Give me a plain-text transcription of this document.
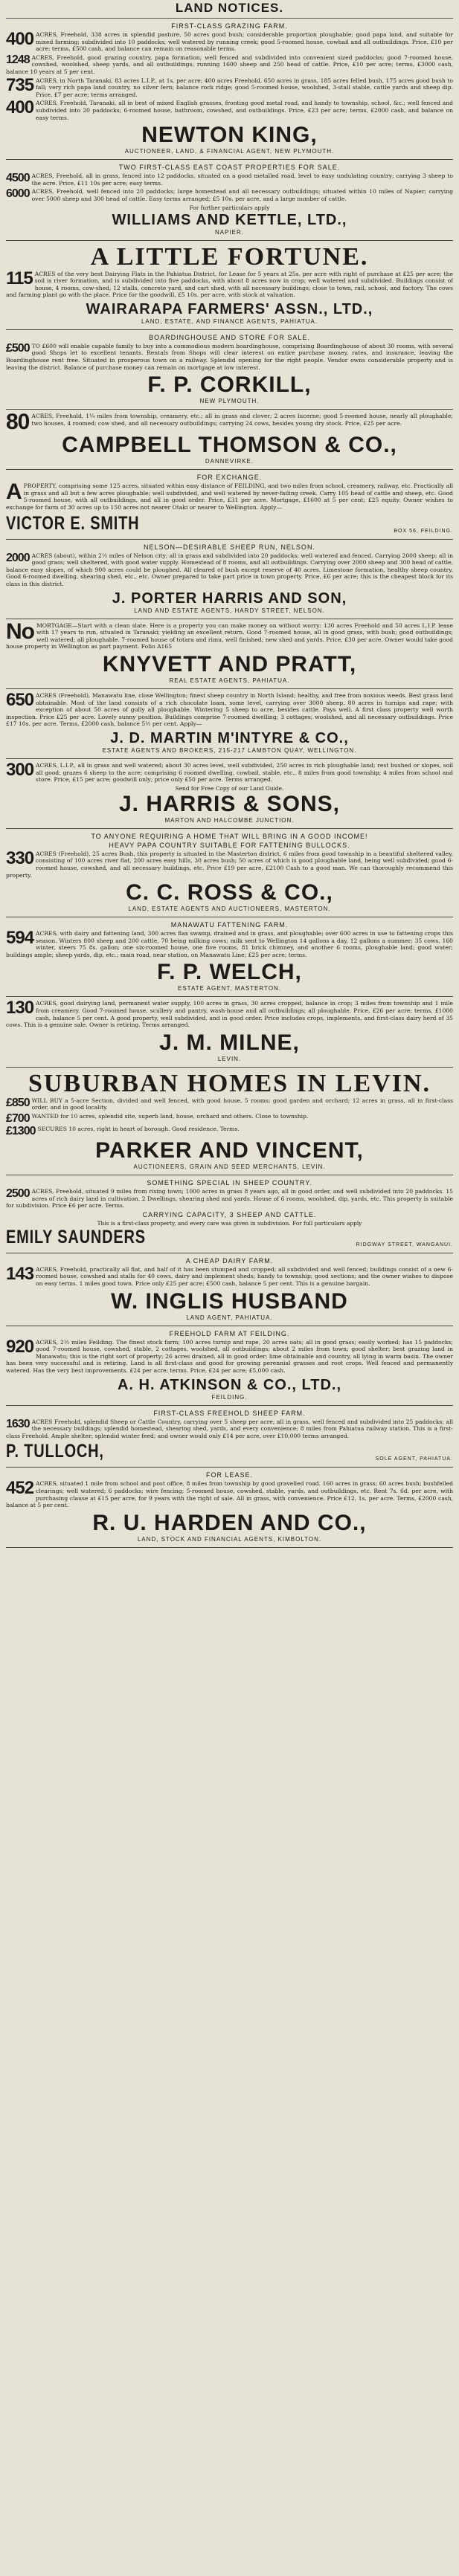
LAND NOTICES.
FIRST-CLASS GRAZING FARM.
400 ACRES, Freehold, 338 acres in splendid pasture, 50 acres good bush; considerable proportion ploughable; good papa land, and suitable for mixed farming; subdivided into 10 paddocks; well watered by running creek; good 5-roomed house, cowbail and all outbuildings. Price, £10 per acre; terms, £500 cash, and balance can remain on reasonable terms.
1248 ACRES, Freehold, good grazing country, papa formation; well fenced and subdivided into convenient sized paddocks; good 7-roomed house, cowshed, woolshed, sheep yards, and all outbuildings; running 1600 sheep and 250 head of cattle. Price, £10 per acre; terms, £3000 cash, balance 10 years at 5 per cent.
735 ACRES, in North Taranaki, 83 acres L.I.P., at 1s. per acre; 400 acres Freehold, 650 acres in grass, 185 acres felled bush, 175 acres good bush to fall; very rich papa land country, no silver fern; balance rock ridge; good 5-roomed house, woolshed, 3-stall stable, cattle yards and sheep dip. Price, £7 per acre; terms arranged.
400 ACRES, Freehold, Taranaki, all in best of mixed English grasses, fronting good metal road, and handy to township, school, &c.; well fenced and subdivided into 20 paddocks; 6-roomed house, bathroom, cowshed, and outbuildings. Price, £23 per acre; terms, £2000 cash, and balance on easy terms.
NEWTON KING,
AUCTIONEER, LAND, & FINANCIAL AGENT, NEW PLYMOUTH.
TWO FIRST-CLASS EAST COAST PROPERTIES FOR SALE.
4500 ACRES, Freehold, all in grass, fenced into 12 paddocks, situated on a good metalled road, level to easy undulating country; carrying 3 sheep to the acre. Price, £11 10s per acre; easy terms.
6000 ACRES, Freehold, well fenced into 20 paddocks; large homestead and all necessary outbuildings; situated within 10 miles of Napier; carrying over 5000 sheep and 300 head of cattle. Easy terms arranged; £5 10s. per acre, and a large number of cattle.
For further particulars apply
WILLIAMS AND KETTLE, LTD.,
NAPIER.
A LITTLE FORTUNE.
115 ACRES of the very best Dairying Flats in the Pahiatua District, for Lease for 5 years at 25s. per acre with right of purchase at £25 per acre; the soil is river formation, and is subdivided into five paddocks, with about 8 acres now in crop; well watered and subdivided. Buildings consist of house, 4 rooms, cow-shed, 12 stalls, concrete yard, and cart shed, with all necessary buildings; close to town, rail, school, and factory. The cows and farming plant go with the place. Price for the goodwill, £5 10s. per acre, with stock at valuation.
WAIRARAPA FARMERS' ASSN., LTD.,
LAND, ESTATE, AND FINANCE AGENTS, PAHIATUA.
BOARDINGHOUSE AND STORE FOR SALE.
£500 TO £600 will enable capable family to buy into a commodious modern boardinghouse, comprising Boardinghouse of about 30 rooms, with several good Shops let to excellent tenants. Rentals from Shops will clear interest on entire purchase money, rates, and insurance, leaving the Boardinghouse rent free. Situated in prosperous town on a railway. Splendid opening for the right people. Vendor owns considerable property and is leaving the district. Balance of purchase money can remain on mortgage at low interest.
F. P. CORKILL,
NEW PLYMOUTH.
80 ACRES, Freehold, 1¼ miles from township, creamery, etc.; all in grass and clover; 2 acres lucerne; good 5-roomed house, nearly all ploughable; two houses, 4 roomed; cow shed, and all necessary outbuildings; carrying 24 cows, besides young dry stock. Price, £25 per acre.
CAMPBELL THOMSON & CO.,
DANNEVIRKE.
FOR EXCHANGE.
APROPERTY, comprising some 125 acres, situated within easy distance of FEILDING, and two miles from school, creamery, railway, etc. Practically all in grass and all but a few acres ploughable; well subdivided, and well watered by never-failing creek. Carry 105 head of cattle and sheep, etc. Good 5-roomed house, with all outbuildings, and all in good order. Price, £31 per acre. Mortgage, £1600 at 5 per cent; £25 equity. Owner wishes to exchange for farm of 30 acres up to 150 acres not nearer Otaki or nearer to Wellington. Apply—
VICTOR E. SMITH	BOX 56, FEILDING.
NELSON—DESIRABLE SHEEP RUN, NELSON.
2000 ACRES (about), within 2½ miles of Nelson city; all in grass and subdivided into 20 paddocks; well watered and fenced. Carrying 2000 sheep; all in good grass; well sheltered, with good water supply. Homestead of 8 rooms, and all outbuildings. Carrying over 2000 sheep and 300 head of cattle, balance easy slopes, of which 900 acres could be ploughed. All cleared of bush except reserve of 40 acres. Limestone formation, healthy sheep country. Good 6-roomed dwelling, shearing shed, etc., etc. Owner prepared to take part price in town property. Price, £6 per acre; this is the cheapest block for its class in this district.
J. PORTER HARRIS AND SON,
LAND AND ESTATE AGENTS, HARDY STREET, NELSON.
No MORTGAGE—Start with a clean slate. Here is a property you can make money on without worry: 130 acres Freehold and 50 acres L.I.P. lease with 17 years to run, situated in Taranaki; yielding an excellent return. Good 7-roomed house, all in good grass, with bush; good outbuildings; well watered; all ploughable. 7-roomed house of totara and rimu, well finished; new shed and yards. Price, £30 per acre. Owner would take good house property in Wellington as part payment. Folio A165
KNYVETT AND PRATT,
REAL ESTATE AGENTS, PAHIATUA.
650 ACRES (Freehold), Manawatu line, close Wellington; finest sheep country in North Island; healthy, and free from noxious weeds. Best grass land obtainable. Most of the land consists of a rich chocolate loam, some level, carrying over 3000 sheep, 80 acres in turnips and rape; with exception of about 50 acres of gully all ploughable. Wintering 5 sheep to acre, besides cattle. Pays well. A first class property well worth inspection. Price £25 per acre. Lovely sunny position. Buildings comprise 7-roomed dwelling; 3 cottages; woolshed, and all necessary outbuildings. Price £17 10s. per acre. Terms, £2000 cash, balance 5½ per cent. Apply—
J. D. MARTIN M'INTYRE & CO.,
ESTATE AGENTS AND BROKERS, 215-217 LAMBTON QUAY, WELLINGTON.
300 ACRES, L.I.P., all in grass and well watered; about 30 acres level, well subdivided, 250 acres in rich ploughable land; rest bushed or slopes, soil all good; grazes 6 sheep to the acre; comprising 6 roomed dwelling, cowbail, stable, etc., 8 miles from good township; 4 miles from school and store. Price, £15 per acre; goodwill only; price only £50 per acre. Terms arranged.
Send for Free Copy of our Land Guide.
J. HARRIS & SONS,
MARTON AND HALCOMBE JUNCTION.
TO ANYONE REQUIRING A HOME THAT WILL BRING IN A GOOD INCOME!
HEAVY PAPA COUNTRY SUITABLE FOR FATTENING BULLOCKS.
330 ACRES (Freehold), 25 acres Bush, this property is situated in the Masterton district, 6 miles from good township in a beautiful sheltered valley, consisting of 100 acres river flat, 200 acres easy hills, 30 acres bush; 50 acres of which is good ploughable land, being well subdivided; good 6-roomed house, cowshed, and all necessary buildings, etc. Price £19 per acre, £2100 Cash to a good man. We can thoroughly recommend this property.
C. C. ROSS & CO.,
LAND, ESTATE AGENTS AND AUCTIONEERS, MASTERTON.
MANAWATU FATTENING FARM.
594 ACRES, with dairy and fattening land, 300 acres flax swamp, drained and in grass, and ploughable; over 600 acres in use to fattening crops this season. Winters 800 sheep and 200 cattle, 70 being milking cows; milk sent to Wellington 14 gallons a day, 12 gallons a summer; 35 cows, 160 winter, steers 75 8s. gallon; one six-roomed house, one five rooms, 81 brick chimney, and another 6 rooms, ploughable land; good water; buildings ample; sheep yards, dip, etc.; main road, near station, on Manawatu Line; £25 per acre; terms.
F. P. WELCH,
ESTATE AGENT, MASTERTON.
130 ACRES, good dairying land, permanent water supply, 100 acres in grass, 30 acres cropped, balance in crop; 3 miles from township and 1 mile from creamery. Good 7-roomed house, scullery and pantry, wash-house and all outbuildings; all ploughable. Price, £26 per acre; terms, £1000 cash, balance 5 per cent. A good property, well subdivided, and in good order. Price includes crops, implements, and first-class dairy herd of 35 cows. This is a genuine sale. Owner is retiring. Terms arranged.
J. M. MILNE,
LEVIN.
SUBURBAN HOMES IN LEVIN.
£850 WILL BUY a 5-acre Section, divided and well fenced, with good house, 5 rooms; good garden and orchard; 12 acres in grass, all in first-class order, and in good locality.
£700 WANTED for 10 acres, splendid site, superb land, house, orchard and others. Close to township.
£1300 SECURES 10 acres, right in heart of borough. Good residence. Terms.
PARKER AND VINCENT,
AUCTIONEERS, GRAIN AND SEED MERCHANTS, LEVIN.
SOMETHING SPECIAL IN SHEEP COUNTRY.
2500 ACRES, Freehold, situated 9 miles from rising town; 1000 acres in grass 8 years ago, all in good order, and well subdivided into 20 paddocks. 15 acres of rich dairy land in cultivation. 2 Dwellings, shearing shed and yards. House of 6 rooms, woolshed, dip, yards, etc. This property is suitable for subdivision. Price £6 per acre. Terms.
CARRYING CAPACITY, 3 SHEEP AND CATTLE.
This is a first-class property, and every care was given in subdivision. For full particulars apply
EMILY SAUNDERS	RIDGWAY STREET, WANGANUI.
A CHEAP DAIRY FARM.
143 ACRES, Freehold, practically all flat, and half of it has been stumped and cropped; all subdivided and well fenced; buildings consist of a new 6-roomed house, cowshed and stalls for 40 cows, dairy and implement sheds; handy to township; good sections; and the owner wishes to dispose on easy terms. 1 miles good town. Price only £25 per acre; £500 cash, balance 5 per cent. This is a genuine bargain.
W. INGLIS HUSBAND
LAND AGENT, PAHIATUA.
FREEHOLD FARM AT FEILDING.
920 ACRES, 2½ miles Feilding. The finest stock farm; 100 acres turnip and rape, 20 acres oats; all in good grass; easily worked; has 15 paddocks; good 7-roomed house, cowshed, stable, 2 cottages, woolshed, all outbuildings; about 2 miles from town; good shelter; best grazing land in Manawatu; this is the right sort of property; 26 acres drained, all in good order; lime obtainable and country, all lying in warm basin. The owner has been very successful and is retiring. Land is all first-class and good for growing perennial grasses and root crops. Well fenced and permanently watered. Has the very best improvements. £24 per acre; terms. Price, £24 per acre; £5,000 cash.
A. H. ATKINSON & CO., LTD.,
FEILDING.
FIRST-CLASS FREEHOLD SHEEP FARM.
1630 ACRES Freehold, splendid Sheep or Cattle Country, carrying over 5 sheep per acre; all in grass, well fenced and subdivided into 25 paddocks; all the necessary buildings; splendid homestead, shearing shed, yards, and every convenience; 8 miles from Pahiatua railway station. This is a first-class Freehold. Ample shelter; splendid winter feed; and owner would only £14 per acre, over £10,000 terms arranged.
P. TULLOCH,	SOLE AGENT, PAHIATUA.
FOR LEASE.
452 ACRES, situated 1 mile from school and post office, 8 miles from township by good gravelled road. 160 acres in grass; 60 acres bush; bushfelled clearings; well watered; 6 paddocks; wire fencing; 5-roomed house, cowshed, stable, yards, and outbuildings, etc. Rent 7s. 6d. per acre, with purchasing clause at £15 per acre, for 9 years with the right of sale. All in grass, with convenience. Price £12, 1s. per acre. Terms, £2000 cash, balance at 5 per cent.
R. U. HARDEN AND CO.,
LAND, STOCK AND FINANCIAL AGENTS, KIMBOLTON.
